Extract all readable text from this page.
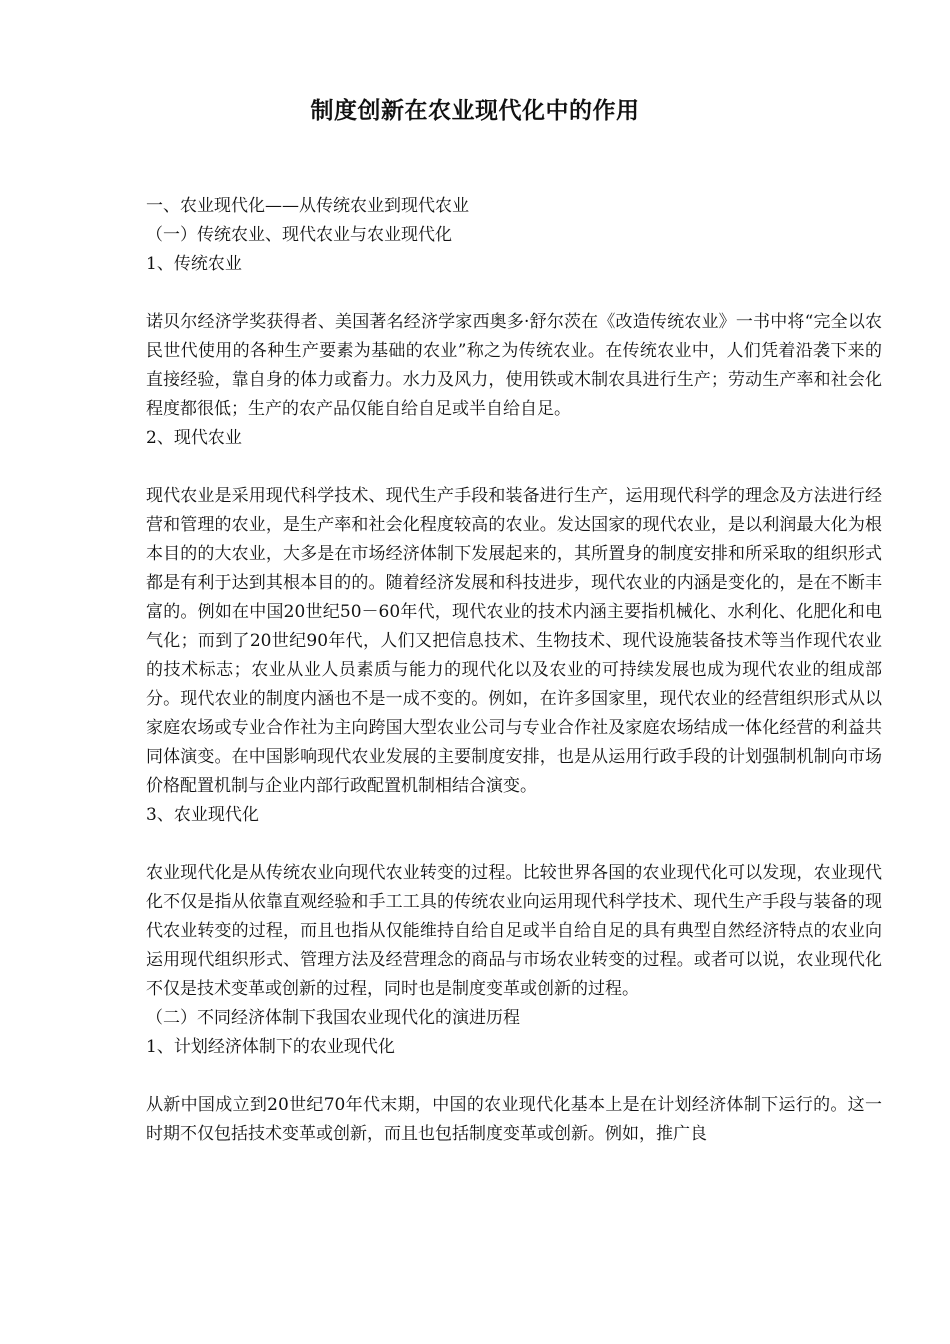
制度创新在农业现代化中的作用

一、农业现代化——从传统农业到现代农业

（一）传统农业、现代农业与农业现代化

1、传统农业

诺贝尔经济学奖获得者、美国著名经济学家西奥多·舒尔茨在《改造传统农业》一书中将“完全以农民世代使用的各种生产要素为基础的农业”称之为传统农业。在传统农业中，人们凭着沿袭下来的直接经验，靠自身的体力或畜力。水力及风力，使用铁或木制农具进行生产；劳动生产率和社会化程度都很低；生产的农产品仅能自给自足或半自给自足。

2、现代农业

现代农业是采用现代科学技术、现代生产手段和装备进行生产，运用现代科学的理念及方法进行经营和管理的农业，是生产率和社会化程度较高的农业。发达国家的现代农业，是以利润最大化为根本目的的大农业，大多是在市场经济体制下发展起来的，其所置身的制度安排和所采取的组织形式都是有利于达到其根本目的的。随着经济发展和科技进步，现代农业的内涵是变化的，是在不断丰富的。例如在中国20世纪50－60年代，现代农业的技术内涵主要指机械化、水利化、化肥化和电气化；而到了20世纪90年代，人们又把信息技术、生物技术、现代设施装备技术等当作现代农业的技术标志；农业从业人员素质与能力的现代化以及农业的可持续发展也成为现代农业的组成部分。现代农业的制度内涵也不是一成不变的。例如，在许多国家里，现代农业的经营组织形式从以家庭农场或专业合作社为主向跨国大型农业公司与专业合作社及家庭农场结成一体化经营的利益共同体演变。在中国影响现代农业发展的主要制度安排，也是从运用行政手段的计划强制机制向市场价格配置机制与企业内部行政配置机制相结合演变。

3、农业现代化

农业现代化是从传统农业向现代农业转变的过程。比较世界各国的农业现代化可以发现，农业现代化不仅是指从依靠直观经验和手工工具的传统农业向运用现代科学技术、现代生产手段与装备的现代农业转变的过程，而且也指从仅能维持自给自足或半自给自足的具有典型自然经济特点的农业向运用现代组织形式、管理方法及经营理念的商品与市场农业转变的过程。或者可以说，农业现代化不仅是技术变革或创新的过程，同时也是制度变革或创新的过程。

（二）不同经济体制下我国农业现代化的演进历程

1、计划经济体制下的农业现代化

从新中国成立到20世纪70年代末期，中国的农业现代化基本上是在计划经济体制下运行的。这一时期不仅包括技术变革或创新，而且也包括制度变革或创新。例如，推广良
